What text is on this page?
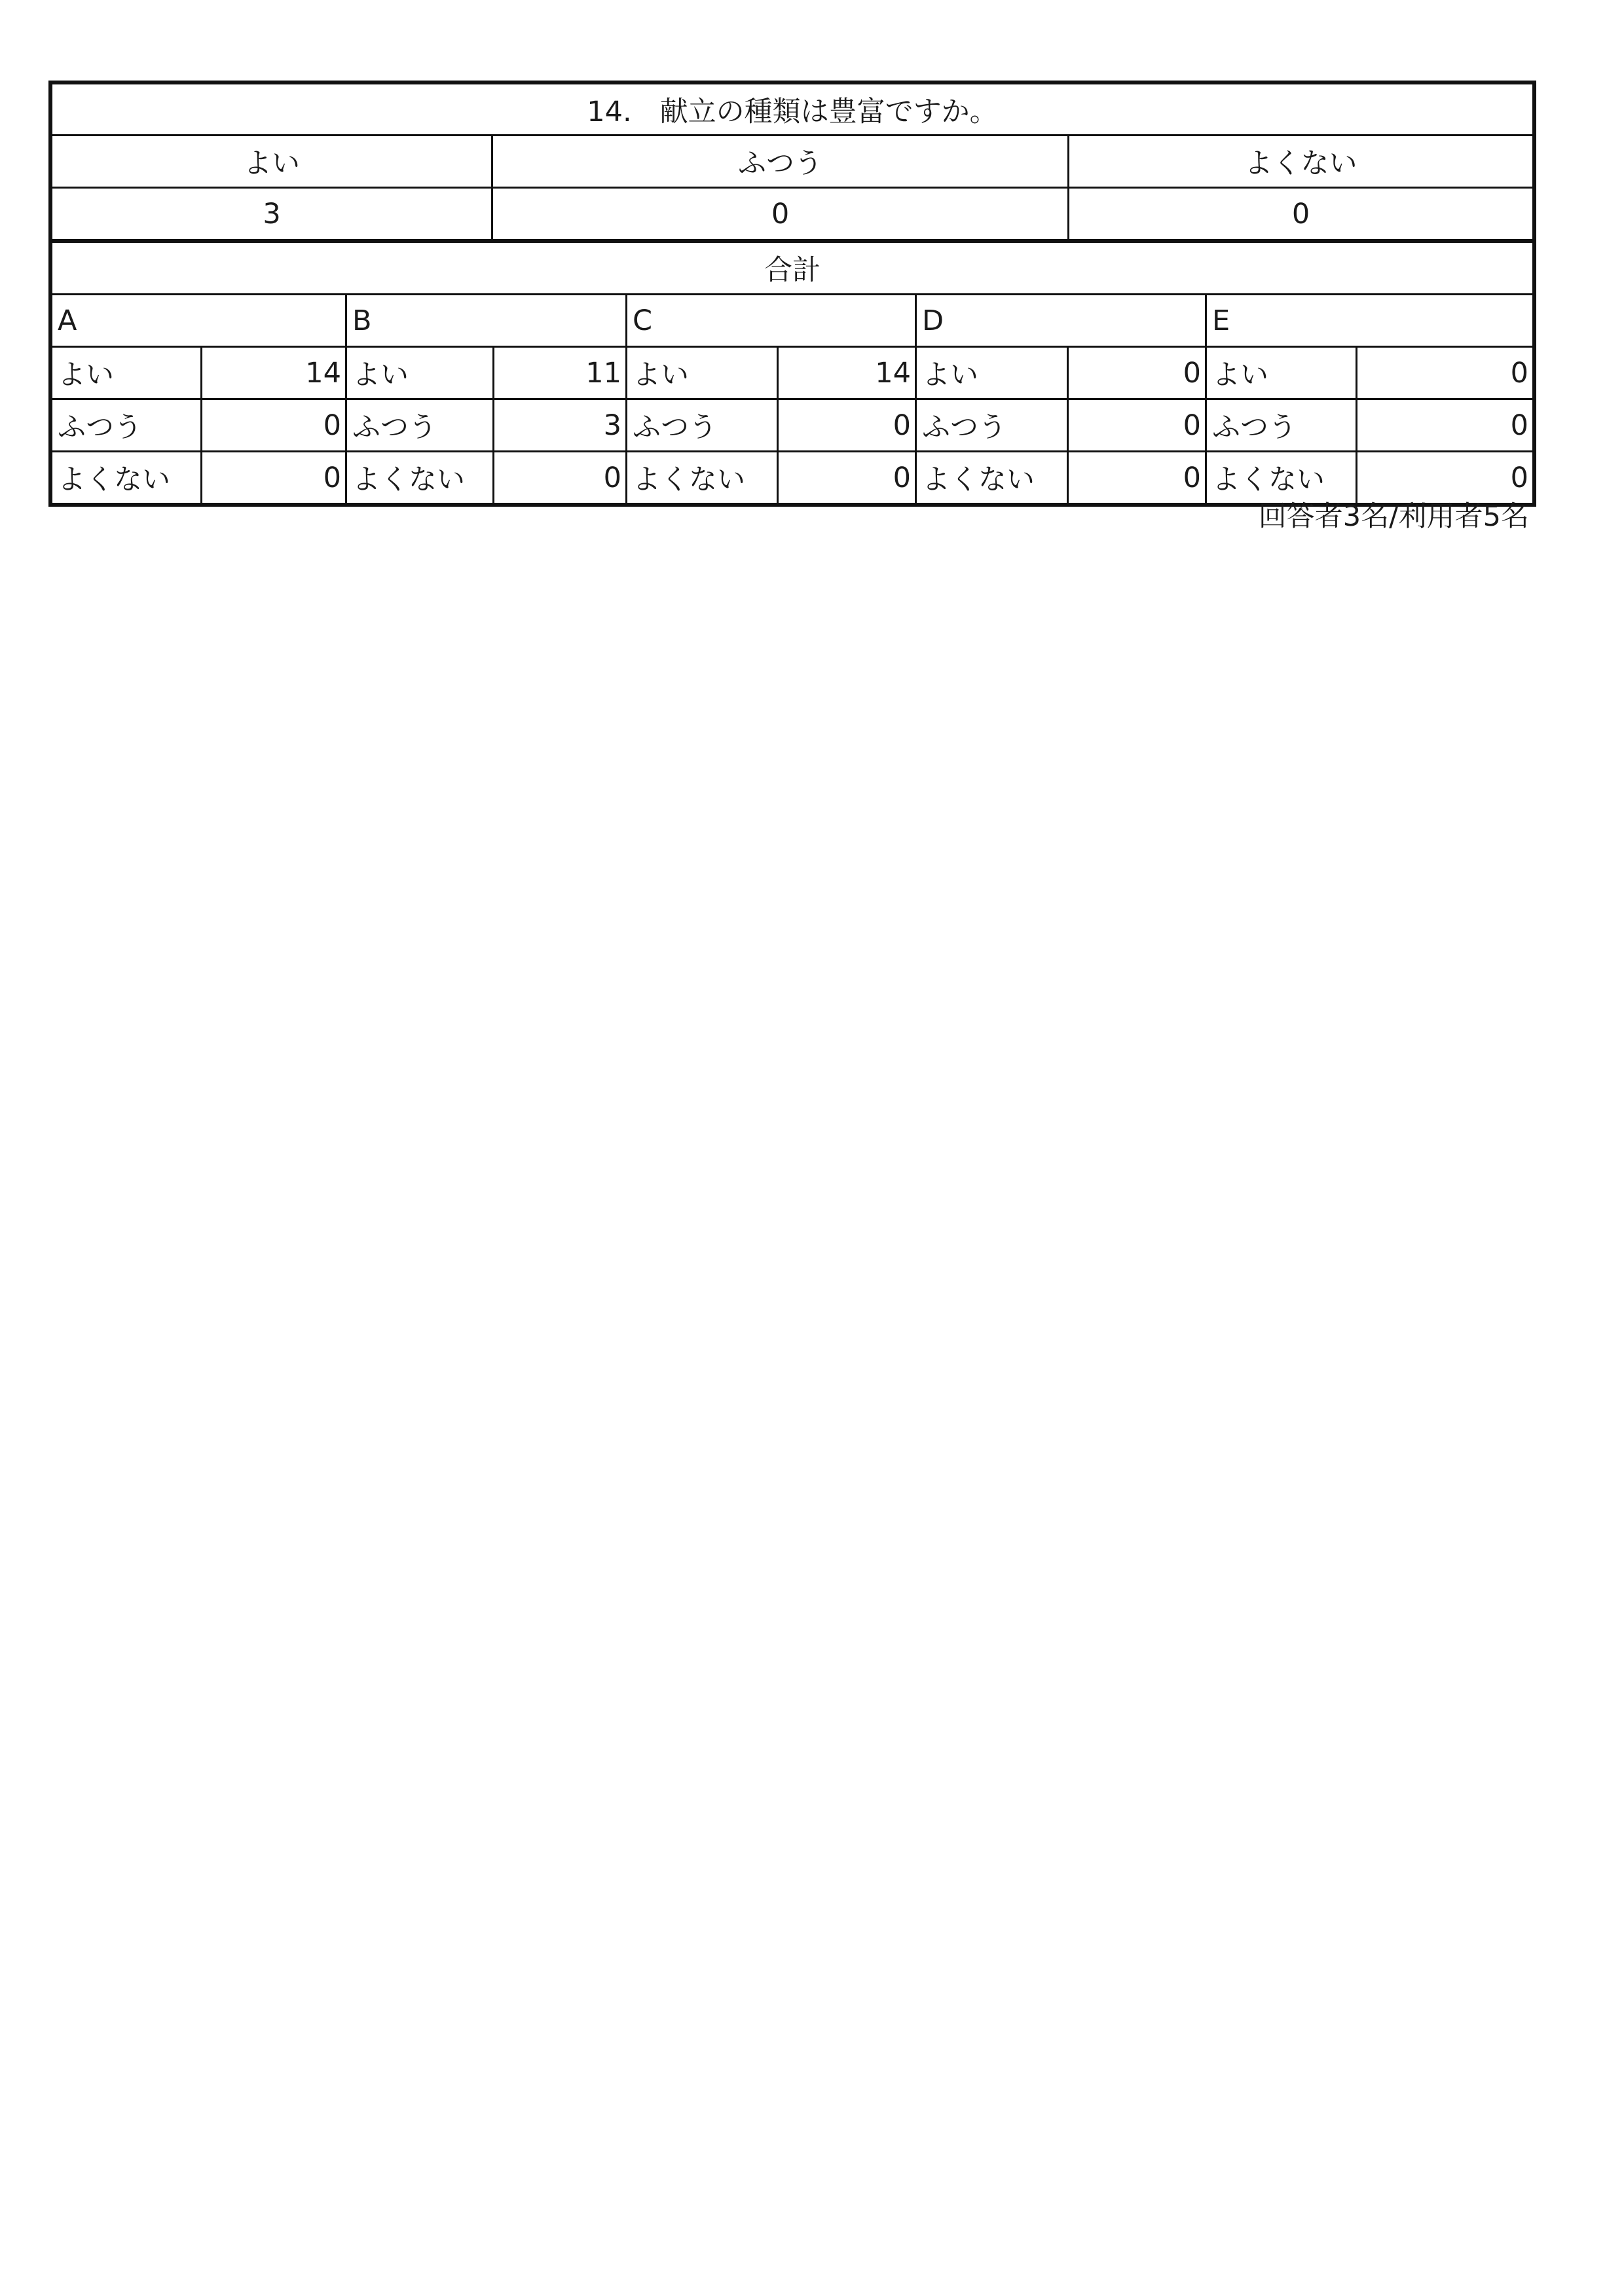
14.　献立の種類は豊富ですか。
よい	ふつう	よくない
3	0	0
合計
A	B	C	D	E
よい	14 よい	11 よい	14 よい	0 よい	0
ふつう	0 ふつう	3 ふつう	0 ふつう	0 ふつう	0
よくない	0 よくない	0 よくない	0 よくない	0 よくない	0
回答者3名/利用者5名
